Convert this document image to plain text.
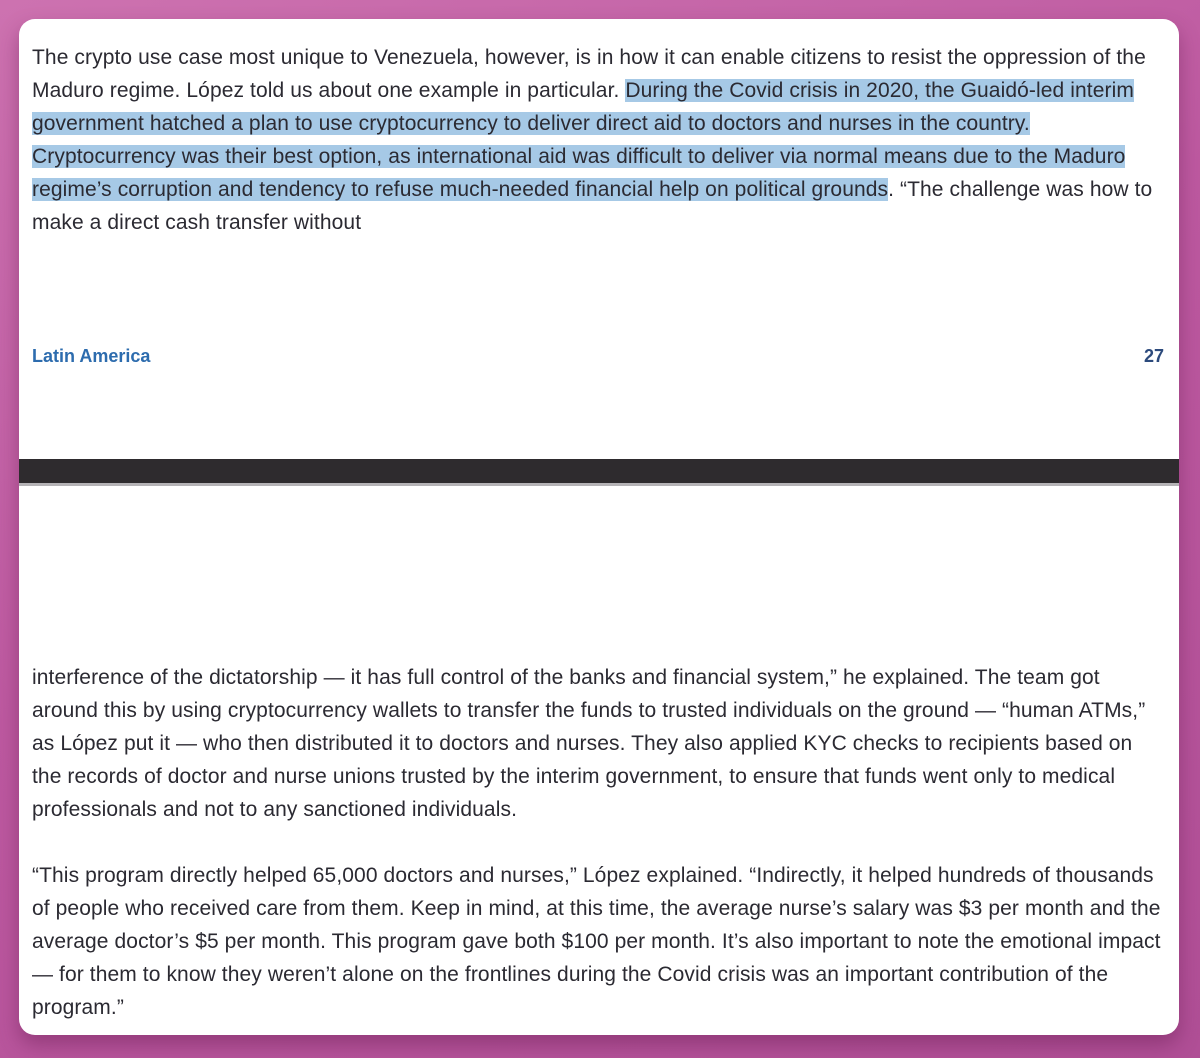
The crypto use case most unique to Venezuela, however, is in how it can enable citizens to resist the oppression of the Maduro regime. López told us about one example in particular. During the Covid crisis in 2020, the Guaidó-led interim government hatched a plan to use cryptocurrency to deliver direct aid to doctors and nurses in the country. Cryptocurrency was their best option, as international aid was difficult to deliver via normal means due to the Maduro regime’s corruption and tendency to refuse much-needed financial help on political grounds. “The challenge was how to make a direct cash transfer without
Latin America	27

interference of the dictatorship — it has full control of the banks and financial system,” he explained. The team got around this by using cryptocurrency wallets to transfer the funds to trusted individuals on the ground — “human ATMs,” as López put it — who then distributed it to doctors and nurses. They also applied KYC checks to recipients based on the records of doctor and nurse unions trusted by the interim government, to ensure that funds went only to medical professionals and not to any sanctioned individuals.

“This program directly helped 65,000 doctors and nurses,” López explained. “Indirectly, it helped hundreds of thousands of people who received care from them. Keep in mind, at this time, the average nurse’s salary was $3 per month and the average doctor’s $5 per month. This program gave both $100 per month. It’s also important to note the emotional impact — for them to know they weren’t alone on the frontlines during the Covid crisis was an important contribution of the program.”
